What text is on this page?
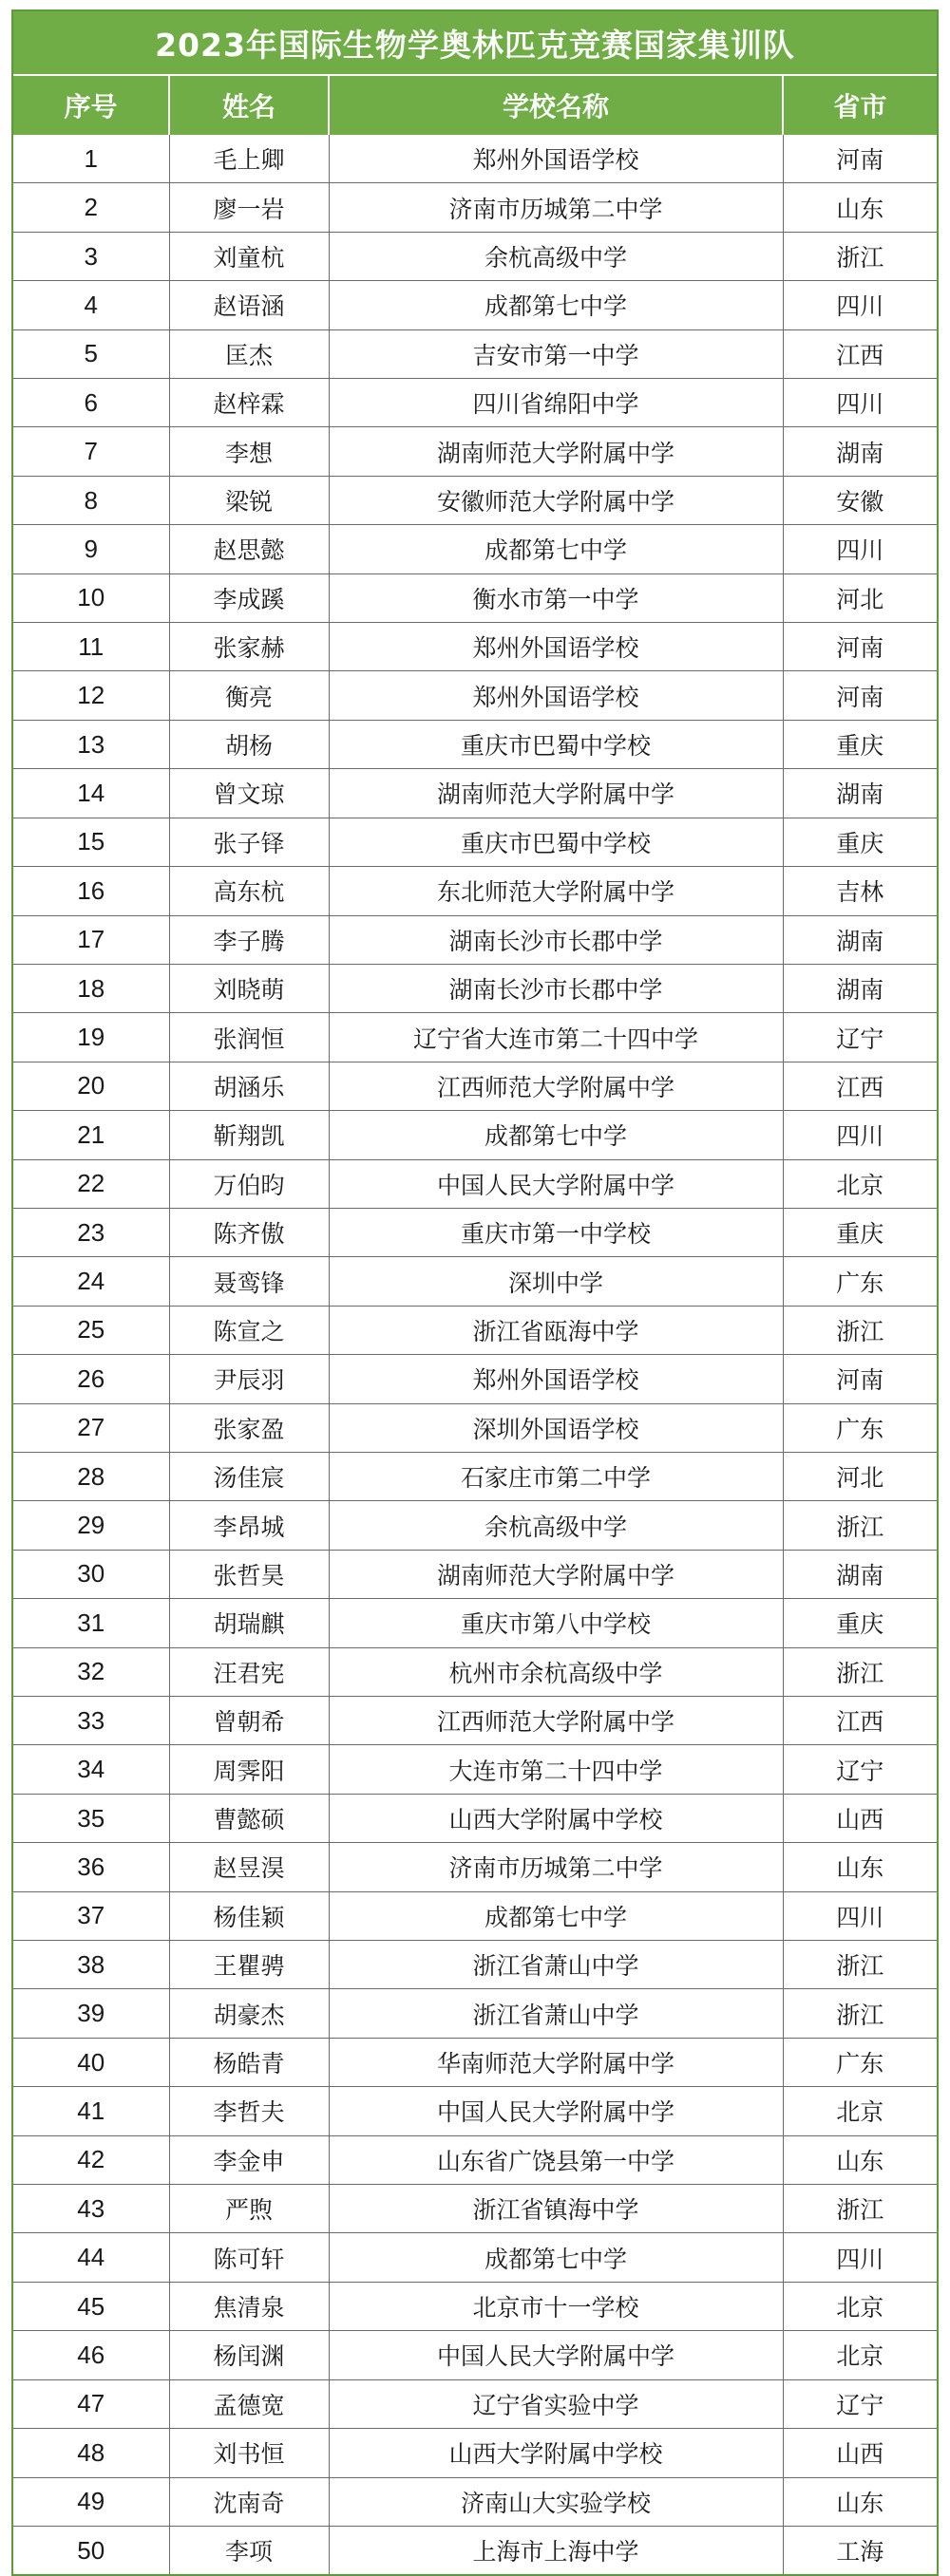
2023年国际生物学奥林匹克竞赛国家集训队
序号	姓名	学校名称	省市
1	毛上卿	郑州外国语学校	河南
2	廖一岩	济南市历城第二中学	山东
3	刘童杭	余杭高级中学	浙江
4	赵语涵	成都第七中学	四川
5	匡杰	吉安市第一中学	江西
6	赵梓霖	四川省绵阳中学	四川
7	李想	湖南师范大学附属中学	湖南
8	梁锐	安徽师范大学附属中学	安徽
9	赵思懿	成都第七中学	四川
10	李成蹊	衡水市第一中学	河北
11	张家赫	郑州外国语学校	河南
12	衡亮	郑州外国语学校	河南
13	胡杨	重庆市巴蜀中学校	重庆
14	曾文琼	湖南师范大学附属中学	湖南
15	张子铎	重庆市巴蜀中学校	重庆
16	高东杭	东北师范大学附属中学	吉林
17	李子腾	湖南长沙市长郡中学	湖南
18	刘晓萌	湖南长沙市长郡中学	湖南
19	张润恒	辽宁省大连市第二十四中学	辽宁
20	胡涵乐	江西师范大学附属中学	江西
21	靳翔凯	成都第七中学	四川
22	万伯昀	中国人民大学附属中学	北京
23	陈齐傲	重庆市第一中学校	重庆
24	聂鸾锋	深圳中学	广东
25	陈宣之	浙江省瓯海中学	浙江
26	尹辰羽	郑州外国语学校	河南
27	张家盈	深圳外国语学校	广东
28	汤佳宸	石家庄市第二中学	河北
29	李昂城	余杭高级中学	浙江
30	张哲昊	湖南师范大学附属中学	湖南
31	胡瑞麒	重庆市第八中学校	重庆
32	汪君宪	杭州市余杭高级中学	浙江
33	曾朝希	江西师范大学附属中学	江西
34	周霁阳	大连市第二十四中学	辽宁
35	曹懿硕	山西大学附属中学校	山西
36	赵昱淏	济南市历城第二中学	山东
37	杨佳颖	成都第七中学	四川
38	王瞿骋	浙江省萧山中学	浙江
39	胡豪杰	浙江省萧山中学	浙江
40	杨皓青	华南师范大学附属中学	广东
41	李哲夫	中国人民大学附属中学	北京
42	李金申	山东省广饶县第一中学	山东
43	严煦	浙江省镇海中学	浙江
44	陈可轩	成都第七中学	四川
45	焦清泉	北京市十一学校	北京
46	杨闰渊	中国人民大学附属中学	北京
47	孟德宽	辽宁省实验中学	辽宁
48	刘书恒	山西大学附属中学校	山西
49	沈南奇	济南山大实验学校	山东
50	李项	上海市上海中学	工海
